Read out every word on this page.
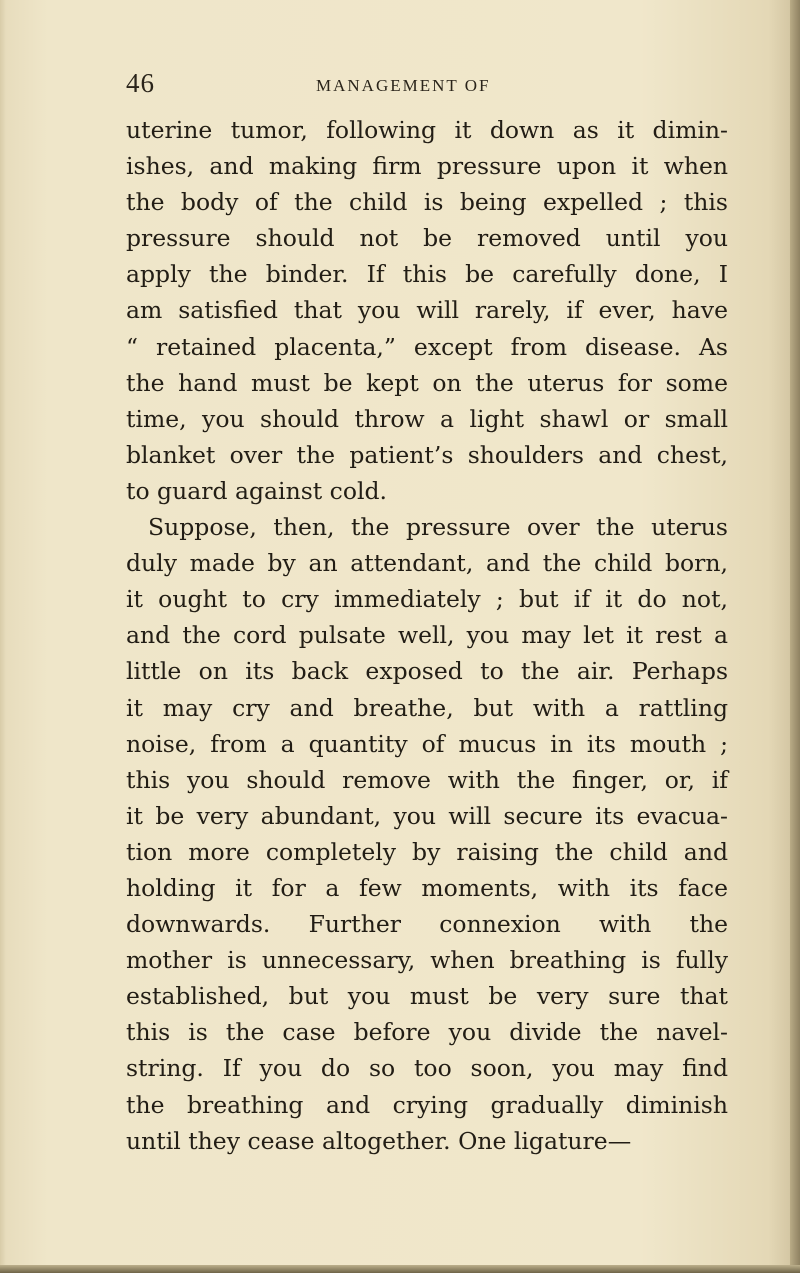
46	MANAGEMENT OF
uterine tumor, following it down as it dimin-
ishes, and making firm pressure upon it when
the body of the child is being expelled ; this
pressure should not be removed until you
apply the binder. If this be carefully done, I
am satisfied that you will rarely, if ever, have
“ retained placenta,” except from disease. As
the hand must be kept on the uterus for some
time, you should throw a light shawl or small
blanket over the patient’s shoulders and chest,
to guard against cold.
Suppose, then, the pressure over the uterus
duly made by an attendant, and the child born,
it ought to cry immediately ; but if it do not,
and the cord pulsate well, you may let it rest a
little on its back exposed to the air. Perhaps
it may cry and breathe, but with a rattling
noise, from a quantity of mucus in its mouth ;
this you should remove with the finger, or, if
it be very abundant, you will secure its evacua-
tion more completely by raising the child and
holding it for a few moments, with its face
downwards. Further connexion with the
mother is unnecessary, when breathing is fully
established, but you must be very sure that
this is the case before you divide the navel-
string. If you do so too soon, you may find
the breathing and crying gradually diminish
until they cease altogether. One ligature—
